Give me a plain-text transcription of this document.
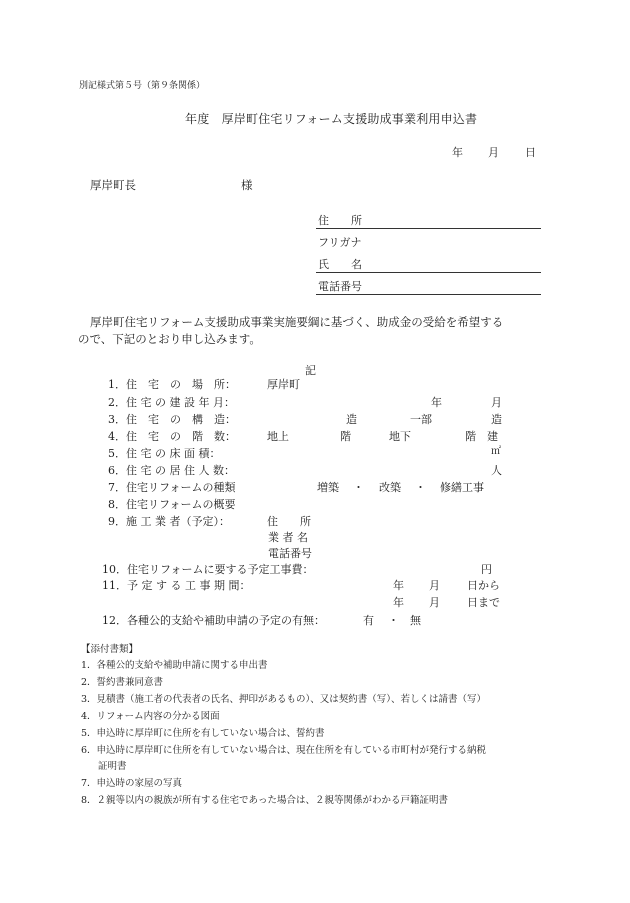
別記様式第５号（第９条関係）
年度　厚岸町住宅リフォーム支援助成事業利用申込書
年 月 日
厚岸町長	様
住　　所
フリガナ
氏　　名
電話番号
厚岸町住宅リフォーム支援助成事業実施要綱に基づく、助成金の受給を希望する
ので、下記のとおり申し込みます。
記
1．住　宅　の　場　所：	厚岸町
2．住 宅 の 建 設 年 月：	年	月
3．住　宅　の　構　造：	造	一部	造
4．住　宅　の　階　数：	地上	階	地下	階　建
5．住 宅 の 床 面 積：	㎡
6．住 宅 の 居 住 人 数：	人
7．住宅リフォームの種類	増築 ・ 改築 ・ 修繕工事
8．住宅リフォームの概要
9．施 工 業 者（予定）：	住　　所
業 者 名
電話番号
10．住宅リフォームに要する予定工事費：	円
11．予 定 す る 工 事 期 間：	年 月 日から
年 月 日まで
12．各種公的支給や補助申請の予定の有無：	有 ・ 無
【添付書類】
1．各種公的支給や補助申請に関する申出書
2．誓約書兼同意書
3．見積書（施工者の代表者の氏名、押印があるもの）、又は契約書（写）、若しくは請書（写）
4．リフォーム内容の分かる図面
5．申込時に厚岸町に住所を有していない場合は、誓約書
6．申込時に厚岸町に住所を有していない場合は、現在住所を有している市町村が発行する納税
証明書
7．申込時の家屋の写真
8．２親等以内の親族が所有する住宅であった場合は、２親等関係がわかる戸籍証明書
